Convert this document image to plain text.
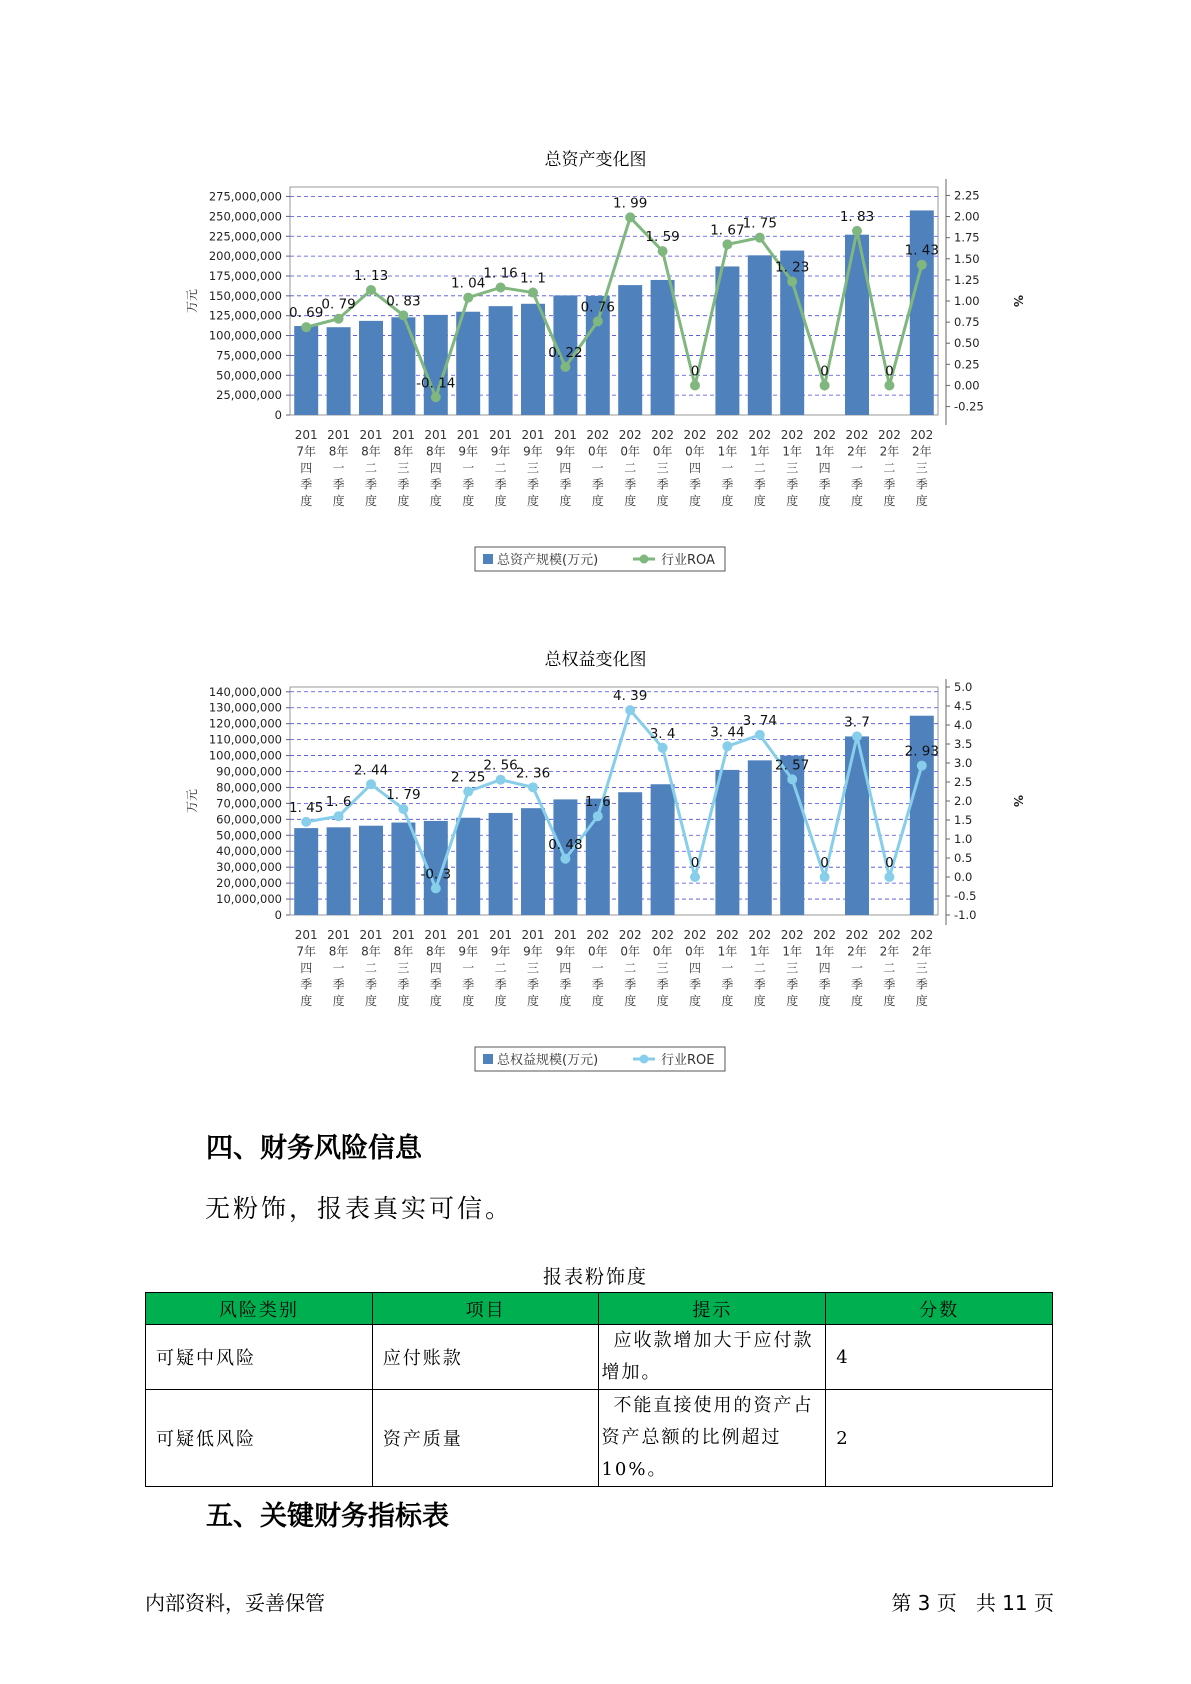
总资产变化图
275,000,000
250,000,000
225,000,000
200,000,000
175,000,000
150,000,000
125,000,000
100,000,000
75,000,000
50,000,000
25,000,000
0
2.25
2.00
1.75
1.50
1.25
1.00
0.75
0.50
0.25
0.00
-0.25
万元	%
0. 69
0. 79
1. 13
0. 83
-0. 14
1. 04
1. 16 1. 1
0. 22
0. 76
1. 99
1. 59
0
1. 67
1. 75
1. 23
0
1. 83
0
1. 43
201 7年四季度
201 8年一季度
201 8年二季度
201 8年三季度
201 8年四季度
201 9年一季度
201 9年二季度
201 9年三季度
201 9年四季度
202 0年一季度
202 0年二季度
202 0年三季度
202 0年四季度
202 1年一季度
202 1年二季度
202 1年三季度
202 1年四季度
202 2年一季度
202 2年二季度
202 2年三季度
总资产规模(万元)	行业ROA
总权益变化图
140,000,000
130,000,000
120,000,000
110,000,000
100,000,000
90,000,000
80,000,000
70,000,000
60,000,000
50,000,000
40,000,000
30,000,000
20,000,000
10,000,000
0
5.0
4.5
4.0
3.5
3.0
2.5
2.0
1.5
1.0
0.5
0.0
-0.5
-1.0
万元	%
1. 45 1. 6
2. 44
1. 79
-0. 3
2. 25
2. 56
2. 36
0. 48
1. 6
4. 39
3. 4
0
3. 44
3. 74
2. 57
0
3. 7
0
2. 93
201 7年四季度
201 8年一季度
201 8年二季度
201 8年三季度
201 8年四季度
201 9年一季度
201 9年二季度
201 9年三季度
201 9年四季度
202 0年一季度
202 0年二季度
202 0年三季度
202 0年四季度
202 1年一季度
202 1年二季度
202 1年三季度
202 1年四季度
202 2年一季度
202 2年二季度
202 2年三季度
总权益规模(万元)	行业ROE
四、财务风险信息
无粉饰，报表真实可信。
报表粉饰度
风险类别	项目	提示	分数
可疑中风险	应付账款	应收款增加大于应付款增加。	4
可疑低风险	资产质量	不能直接使用的资产占资产总额的比例超过10%。	2
五、关键财务指标表
内部资料，妥善保管	第 3 页   共 11 页
